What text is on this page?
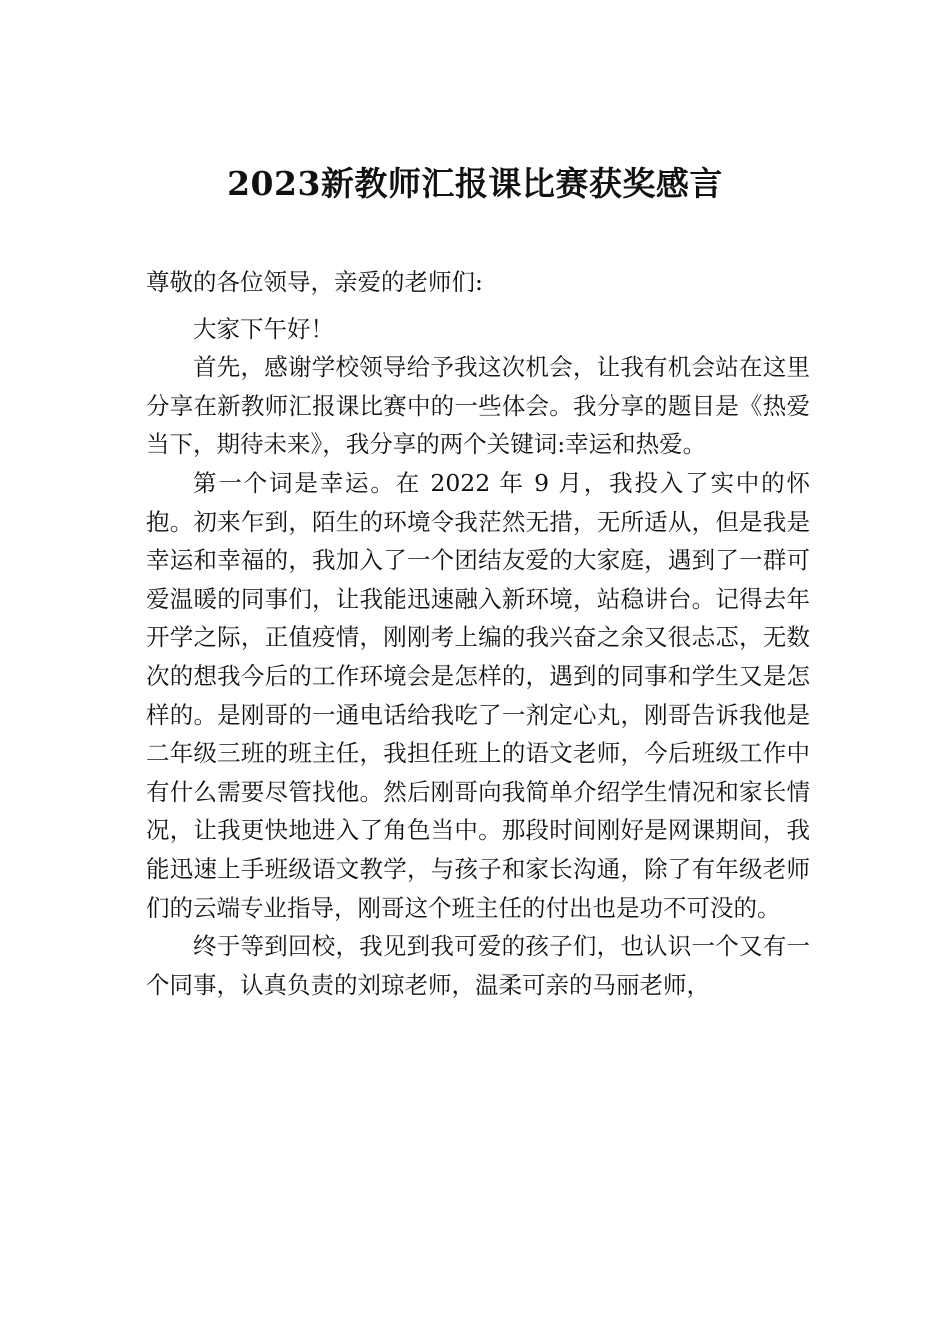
2023新教师汇报课比赛获奖感言

尊敬的各位领导，亲爱的老师们:

大家下午好！

首先，感谢学校领导给予我这次机会，让我有机会站在这里分享在新教师汇报课比赛中的一些体会。我分享的题目是《热爱当下，期待未来》，我分享的两个关键词:幸运和热爱。

第一个词是幸运。在 2022 年 9 月，我投入了实中的怀抱。初来乍到，陌生的环境令我茫然无措，无所适从，但是我是幸运和幸福的，我加入了一个团结友爱的大家庭，遇到了一群可爱温暖的同事们，让我能迅速融入新环境，站稳讲台。记得去年开学之际，正值疫情，刚刚考上编的我兴奋之余又很忐忑，无数次的想我今后的工作环境会是怎样的，遇到的同事和学生又是怎样的。是刚哥的一通电话给我吃了一剂定心丸，刚哥告诉我他是二年级三班的班主任，我担任班上的语文老师，今后班级工作中有什么需要尽管找他。然后刚哥向我简单介绍学生情况和家长情况，让我更快地进入了角色当中。那段时间刚好是网课期间，我能迅速上手班级语文教学，与孩子和家长沟通，除了有年级老师们的云端专业指导，刚哥这个班主任的付出也是功不可没的。

终于等到回校，我见到我可爱的孩子们，也认识一个又有一个同事，认真负责的刘琼老师，温柔可亲的马丽老师，
